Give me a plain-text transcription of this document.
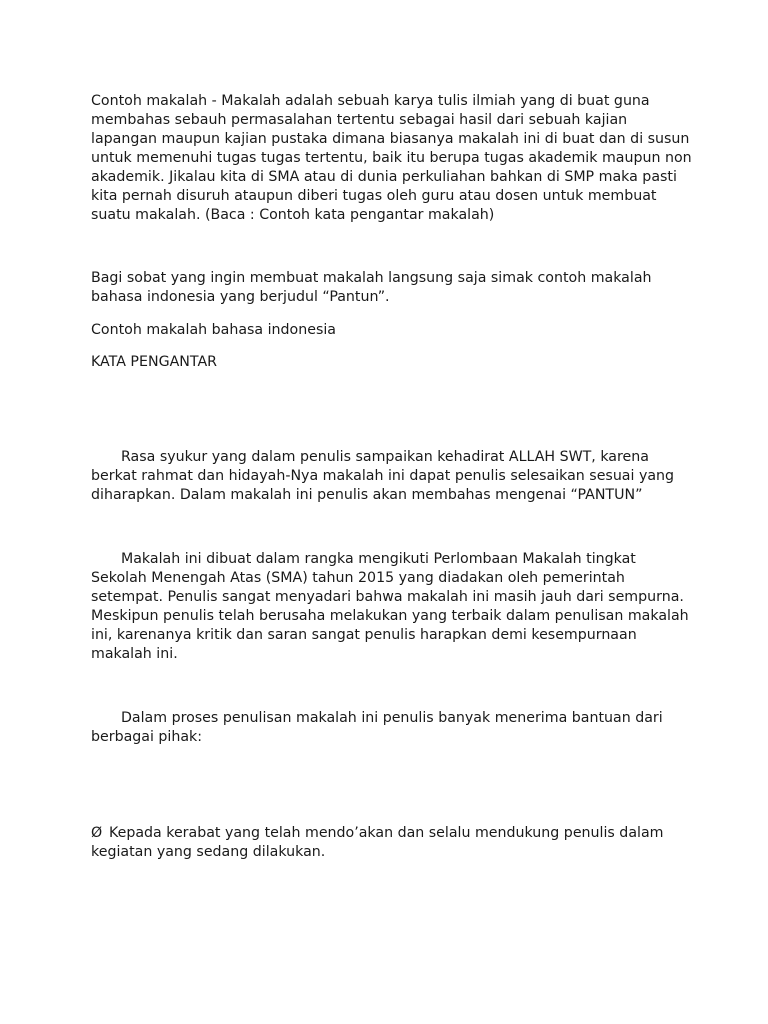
Contoh makalah - Makalah adalah sebuah karya tulis ilmiah yang di buat guna
membahas sebauh permasalahan tertentu sebagai hasil dari sebuah kajian
lapangan maupun kajian pustaka dimana biasanya makalah ini di buat dan di susun
untuk memenuhi tugas tugas tertentu, baik itu berupa tugas akademik maupun non
akademik. Jikalau kita di SMA atau di dunia perkuliahan bahkan di SMP maka pasti
kita pernah disuruh ataupun diberi tugas oleh guru atau dosen untuk membuat
suatu makalah. (Baca : Contoh kata pengantar makalah)

Bagi sobat yang ingin membuat makalah langsung saja simak contoh makalah
bahasa indonesia yang berjudul “Pantun”.

Contoh makalah bahasa indonesia

KATA PENGANTAR

Rasa syukur yang dalam penulis sampaikan kehadirat ALLAH SWT, karena
berkat rahmat dan hidayah-Nya makalah ini dapat penulis selesaikan sesuai yang
diharapkan. Dalam makalah ini penulis akan membahas mengenai “PANTUN”

Makalah ini dibuat dalam rangka mengikuti Perlombaan Makalah tingkat
Sekolah Menengah Atas (SMA) tahun 2015 yang diadakan oleh pemerintah
setempat. Penulis sangat menyadari bahwa makalah ini masih jauh dari sempurna.
Meskipun penulis telah berusaha melakukan yang terbaik dalam penulisan makalah
ini, karenanya kritik dan saran sangat penulis harapkan demi kesempurnaan
makalah ini.

Dalam proses penulisan makalah ini penulis banyak menerima bantuan dari
berbagai pihak:

Ø Kepada kerabat yang telah mendo’akan dan selalu mendukung penulis dalam
kegiatan yang sedang dilakukan.
